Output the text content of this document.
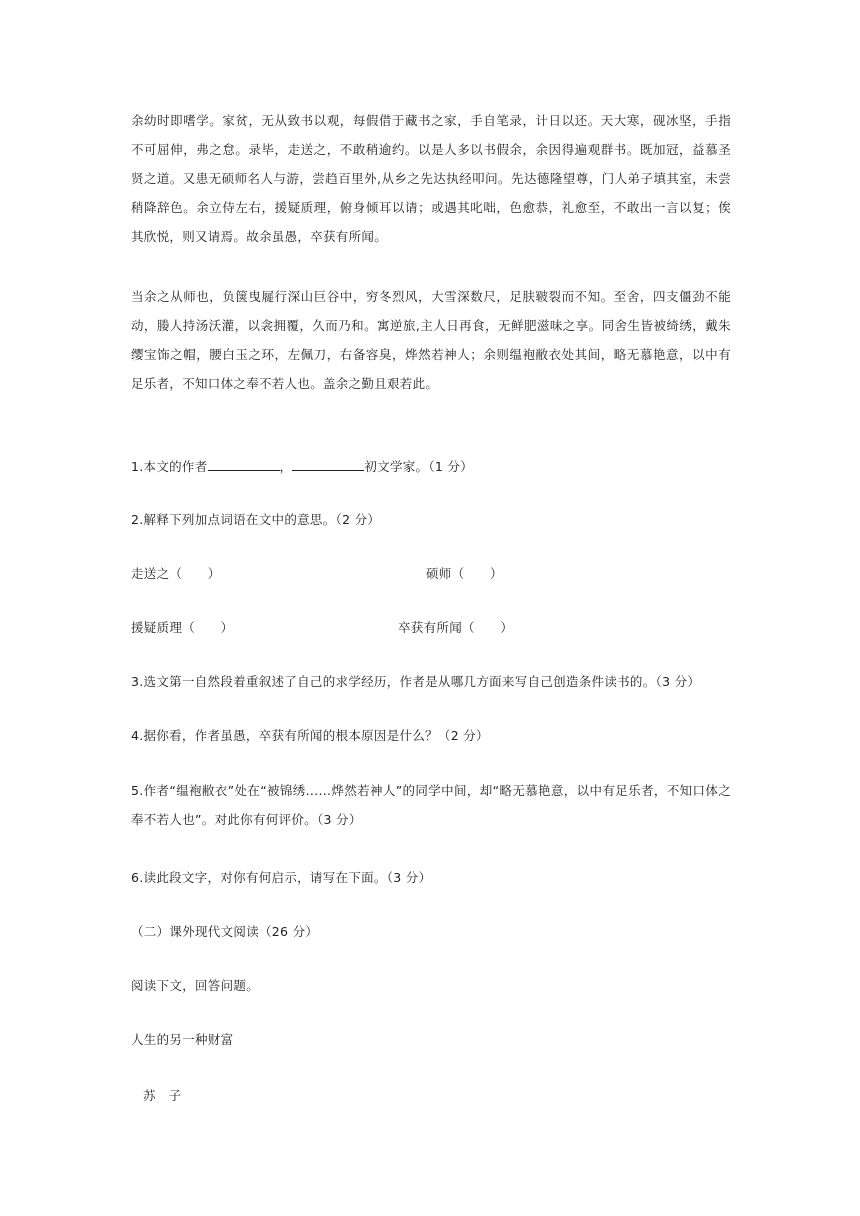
余幼时即嗜学。家贫，无从致书以观，每假借于藏书之家，手自笔录，计日以还。天大寒，砚冰坚，手指不可屈伸，弗之怠。录毕，走送之，不敢稍逾约。以是人多以书假余，余因得遍观群书。既加冠，益慕圣贤之道。又患无硕师名人与游，尝趋百里外,从乡之先达执经叩问。先达德隆望尊，门人弟子填其室，未尝稍降辞色。余立侍左右，援疑质理，俯身倾耳以请；或遇其叱咄，色愈恭，礼愈至，不敢出一言以复；俟其欣悦，则又请焉。故余虽愚，卒获有所闻。

当余之从师也，负箧曳屣行深山巨谷中，穷冬烈风，大雪深数尺，足肤皲裂而不知。至舍，四支僵劲不能动，媵人持汤沃灌，以衾拥覆，久而乃和。寓逆旅,主人日再食，无鲜肥滋味之享。同舍生皆被绮绣，戴朱缨宝饰之帽，腰白玉之环，左佩刀，右备容臭，烨然若神人；余则缊袍敝衣处其间，略无慕艳意，以中有足乐者，不知口体之奉不若人也。盖余之勤且艰若此。

1.本文的作者	，	初文学家。（1 分）
2.解释下列加点词语在文中的意思。（2 分）
走送之（　　）	硕师（　　）
援疑质理（　　）	卒获有所闻（　　）
3.选文第一自然段着重叙述了自己的求学经历，作者是从哪几方面来写自己创造条件读书的。（3 分）
4.据你看，作者虽愚，卒获有所闻的根本原因是什么？（2 分）

5.作者“缊袍敝衣”处在“被锦绣......烨然若神人”的同学中间，却“略无慕艳意，以中有足乐者，不知口体之奉不若人也”。对此你有何评价。（3 分）

6.读此段文字，对你有何启示，请写在下面。（3 分）
（二）课外现代文阅读（26 分）
阅读下文，回答问题。
人生的另一种财富
苏　子
